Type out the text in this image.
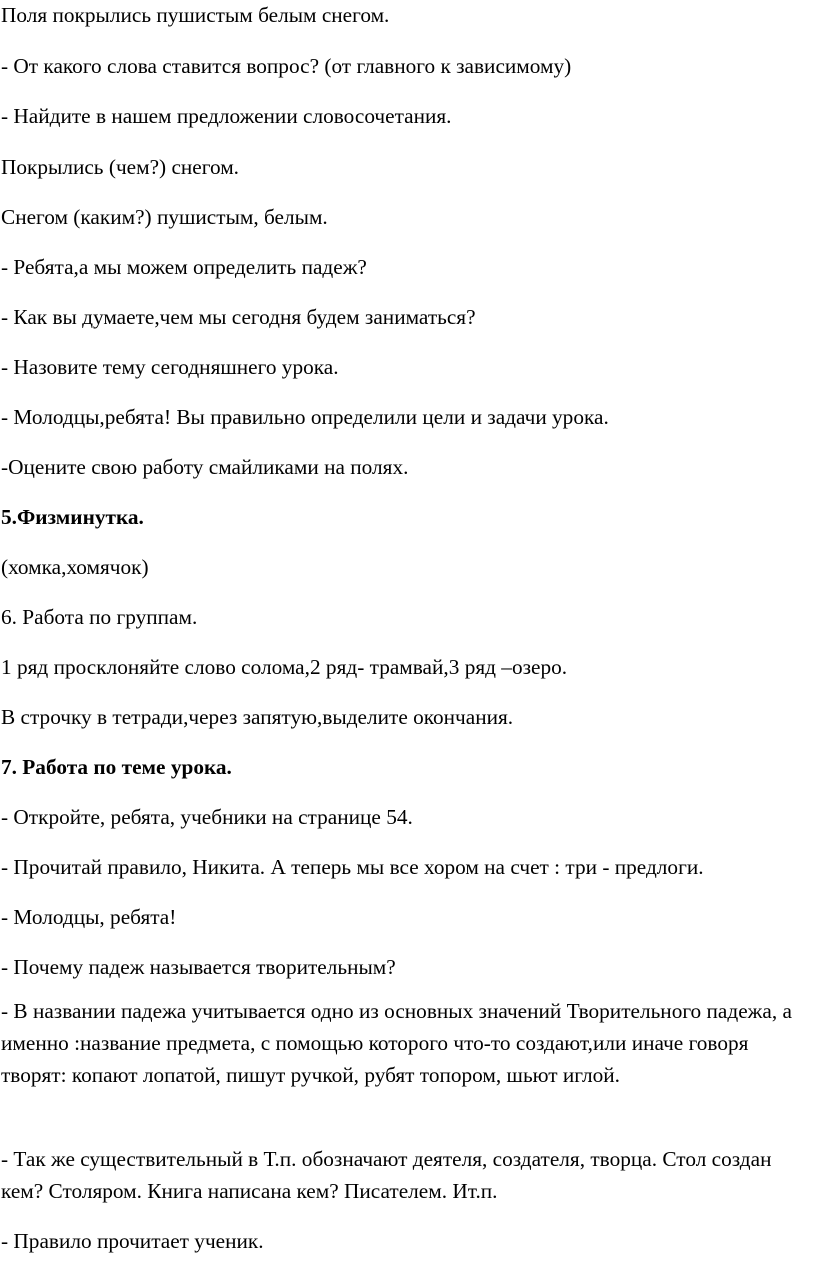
Поля покрылись пушистым белым снегом.

- От какого слова ставится вопрос? (от главного к зависимому)

- Найдите в нашем предложении словосочетания.

Покрылись (чем?) снегом.

Снегом (каким?) пушистым, белым.

- Ребята,а мы можем определить падеж?

- Как вы думаете,чем мы сегодня будем заниматься?

- Назовите тему сегодняшнего урока.

- Молодцы,ребята! Вы правильно определили цели и задачи урока.

-Оцените свою работу смайликами на полях.

5.Физминутка.

(хомка,хомячок)

6. Работа по группам.

1 ряд просклоняйте слово солома,2 ряд- трамвай,3 ряд –озеро.

В строчку в тетради,через запятую,выделите окончания.

7. Работа по теме урока.

- Откройте, ребята, учебники на странице 54.

- Прочитай правило, Никита. А теперь мы все хором на счет : три - предлоги.

- Молодцы, ребята!

- Почему падеж называется творительным?

- В названии падежа учитывается одно из основных значений Творительного падежа, а именно :название предмета, с помощью которого что-то создают,или иначе говоря творят: копают лопатой, пишут ручкой, рубят топором, шьют иглой.

- Так же существительный в Т.п. обозначают деятеля, создателя, творца. Стол создан кем? Столяром. Книга написана кем? Писателем. Ит.п.

- Правило прочитает ученик.
